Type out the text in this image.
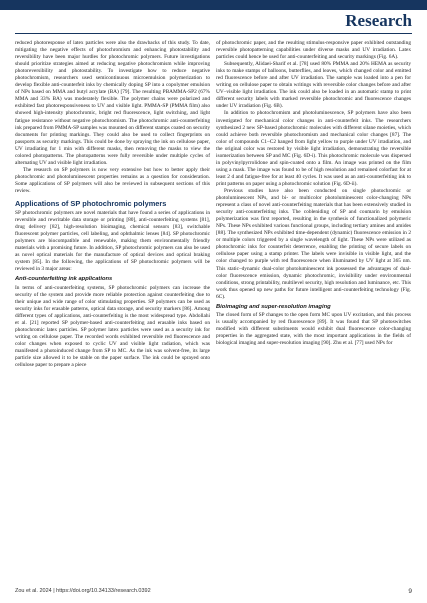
Research

reduced photoresponse of latex particles were also the drawbacks of this study. To date, mitigating the negative effects of photochromism and enhancing photostability and reversibility have been major hurdles for photochromic polymers. Future investigations should prioritize strategies aimed at reducing negative photochromism while improving photoreversibility and photostability. To investigate how to reduce negative photochromism, researchers used semicontinuous microemulsion polymerization to develop flexible anti-counterfeit inks by chemically doping SP into a copolymer emulsion of NPs based on MMA and butyl acrylate (BA) [79]. The resulting PBAMMA-SP2 (67% MMA and 33% BA) was moderately flexible. The polymer chains were polarized and exhibited fast photoresponsiveness to UV and visible light. PMMA-SP (PMMA film) also showed high-intensity photochromic, bright red fluorescence, light switching, and light fatigue resistance without negative photochromism. The photochromic anti-counterfeiting ink prepared from PMMA-SP samples was mounted on different stamps coated on security documents for printing markings. They could also be used to collect fingerprints on passports as security markings. This could be done by spraying the ink on cellulose paper, UV irradiating for 1 min with different masks, then removing the masks to view the colored photopatterns. The photopatterns were fully reversible under multiple cycles of alternating UV and visible light irradiation.

The research on SP polymers is now very extensive but how to better apply their photochromic and photoluminescent properties remains as a question for consideration. Some applications of SP polymers will also be reviewed in subsequent sections of this review.

Applications of SP photochromic polymers

SP photochromic polymers are novel materials that have found a series of applications in reversible and rewritable data storage or printing [80], anti-counterfeiting systems [81], drug delivery [82], high-resolution bioimaging, chemical sensors [83], switchable fluorescent polymer particles, cell labeling, and ophthalmic lenses [84]. SP photochromic polymers are biocompatible and renewable, making them environmentally friendly materials with a promising future. In addition, SP photochromic polymers can also be used as novel optical materials for the manufacture of optical devices and optical braking system [85]. In the following, the applications of SP photochromic polymers will be reviewed in 3 major areas:

Anti-counterfeiting ink applications

In terms of anti-counterfeiting systems, SP photochromic polymers can increase the security of the system and provide more reliable protection against counterfeiting due to their unique and wide range of color stimulating properties. SP polymers can be used as security inks for erasable patterns, optical data storage, and security markers [86]. Among different types of applications, anti-counterfeiting is the most widespread type. Abdollahi et al. [21] reported SP polymer-based anti-counterfeiting and erasable inks based on photochromic latex particles. SP polymer latex particles were used as a security ink for writing on cellulose paper. The recorded words exhibited reversible red fluorescence and color changes when exposed to cyclic UV and visible light radiation, which was manifested a photoinduced change from SP to MC. As the ink was solvent-free, its large particle size allowed it to be stable on the paper surface. The ink could be sprayed onto cellulose paper to prepare a piece

of photochromic paper, and the resulting stimulus-responsive paper exhibited outstanding reversible photopatterning capabilities under diverse masks and UV irradiation. Latex particles could hence be used for anti-counterfeiting and security markings (Fig. 6A).

Subsequently, Alidaei-Sharif et al. [78] used 80% PMMA and 20% HEMA as security inks to make stamps of balloons, butterflies, and leaves, which changed color and emitted red fluorescence before and after UV irradiation. The sample was loaded into a pen for writing on cellulose paper to obtain writings with reversible color changes before and after UV–visible light irradiation. The ink could also be loaded in an automatic stamp to print different security labels with marked reversible photochromic and fluorescence changes under UV irradiation (Fig. 6B).

In addition to photochromism and photoluminescence, SP polymers have also been investigated for mechanical color changes in anti-counterfeit inks. The researchers synthesized 2 new SP-based photochromic molecules with different silane moieties, which could achieve both reversible photochromism and mechanical color changes [87]. The color of compounds C1–C2 hanged from light yellow to purple under UV irradiation, and the original color was restored by visible light irradiation, demonstrating the reversible isomerization between SP and MC (Fig. 6D-i). This photochromic molecule was dispersed in polyvinylpyrrolidone and spin-coated onto a film. An image was printed on the film using a mask. The image was found to be of high resolution and remained colorfast for at least 2 d and fatigue-free for at least 40 cycles. It was used as an anti-counterfeiting ink to print patterns on paper using a photochromic solution (Fig. 6D-ii).

Previous studies have also been conducted on single photochromic or photoluminescent NPs, and bi- or multicolor photoluminescent color-changing NPs represent a class of novel anti-counterfeiting materials that has been extensively studied in security anti-counterfeiting inks. The cobleniding of SP and coumarin by emulsion polymerization was first reported, resulting in the synthesis of functionalized polymeric NPs. These NPs exhibited various functional groups, including tertiary amines and amides [88]. The synthesized NPs exhibited time-dependent (dynamic) fluorescence emission in 2 or multiple colors triggered by a single wavelength of light. These NPs were utilized as photochromic inks for counterfeit deterrence, enabling the printing of secure labels on cellulose paper using a stamp printer. The labels were invisible in visible light, and the color changed to purple with red fluorescence when illuminated by UV light at 365 nm. This static–dynamic dual-color photoluminescent ink possessed the advantages of dual-color fluorescence emission, dynamic photochromic, invisibility under environmental conditions, strong printability, multilevel security, high resolution and luminance, etc. This work thus opened up new paths for future intelligent anti-counterfeiting technology (Fig. 6C).

Bioimaging and super-resolution imaging

The closed form of SP changes to the open form MC upon UV excitation, and this process is usually accompanied by red fluorescence [89]. It was found that SP photoswitches modified with different substituents would exhibit dual fluorescence color-changing properties in the aggregated state, with the most important applications in the fields of biological imaging and super-resolution imaging [90]. Zhu et al. [77] used NPs for

Zou et al. 2024 | https://doi.org/10.34133/research.0392	9
